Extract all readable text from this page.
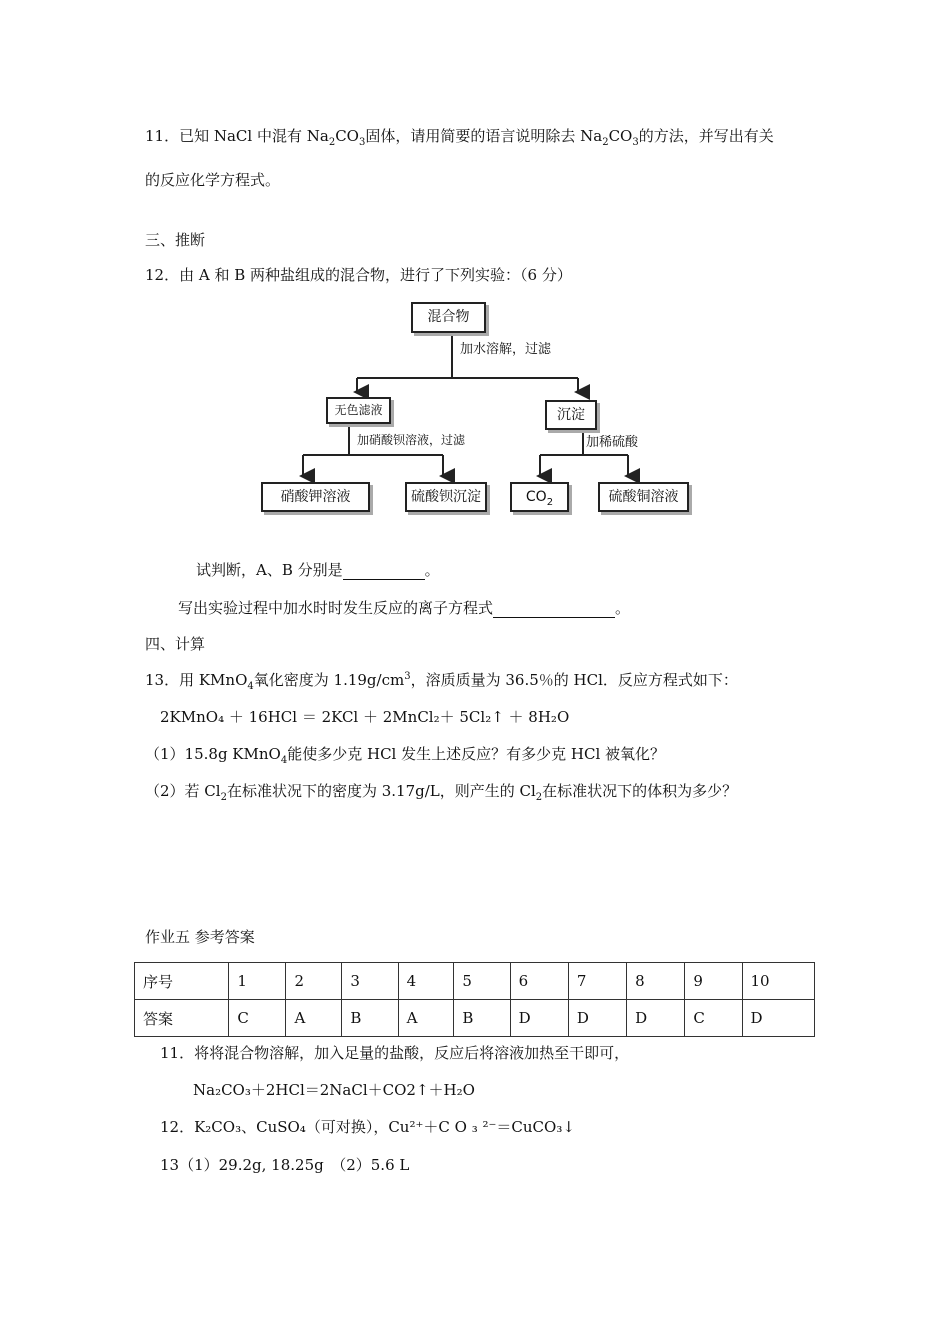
11．已知 NaCl 中混有 $Na_2CO_3$固体，请用简要的语言说明除去 $Na_2CO_3$的方法，并写出有关
的反应化学方程式。
三、推断
12．由 A 和 B 两种盐组成的混合物，进行了下列实验：（6 分）
混合物
加水溶解，过滤
无色滤液	沉淀
加硝酸钡溶液，过滤	加稀硫酸
硝酸钾溶液	硫酸钡沉淀	$CO_2$	硫酸铜溶液
试判断，A、B 分别是	。
写出实验过程中加水时时发生反应的离子方程式	。
四、计算
13．用 KMnO$_4$氧化密度为 $1.19g/cm^3$，溶质质量为 36.5％的 HCl．反应方程式如下：
2KMnO₄ ＋ 16HCl ＝ 2KCl ＋ 2MnCl₂＋ 5Cl₂↑ ＋ 8H₂O
（1）15.8g KMnO$_4$能使多少克 HCl 发生上述反应？有多少克 HCl 被氧化？
（2）若 $Cl_2$在标准状况下的密度为 3.17g/L，则产生的 $Cl_2$在标准状况下的体积为多少？
作业五 参考答案
序号	1	2	3	4	5	6	7	8	9	10
答案	C	A	B	A	B	D	D	D	C	D
11．将将混合物溶解，加入足量的盐酸，反应后将溶液加热至干即可，
Na₂CO₃＋2HCl＝2NaCl＋CO2↑＋H₂O
12．K₂CO₃、CuSO₄（可对换），Cu²⁺＋C O ₃ ²⁻＝CuCO₃↓
13（1）29.2g, 18.25g　（2）5.6 L
